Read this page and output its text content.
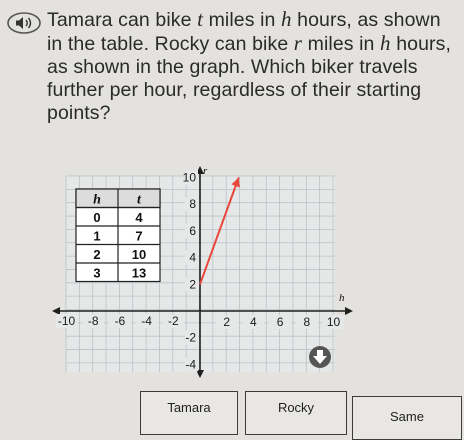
Tamara can bike t miles in h hours, as shown in the table. Rocky can bike r miles in h hours, as shown in the graph. Which biker travels further per hour, regardless of their starting points?
h
r
-10 -8 -6 -4 -2	2 4 6 8 10
10
8
6
4
2
-2
-4
h	t
0	4
1	7
2 10
3 13
Tamara	Rocky
Same
